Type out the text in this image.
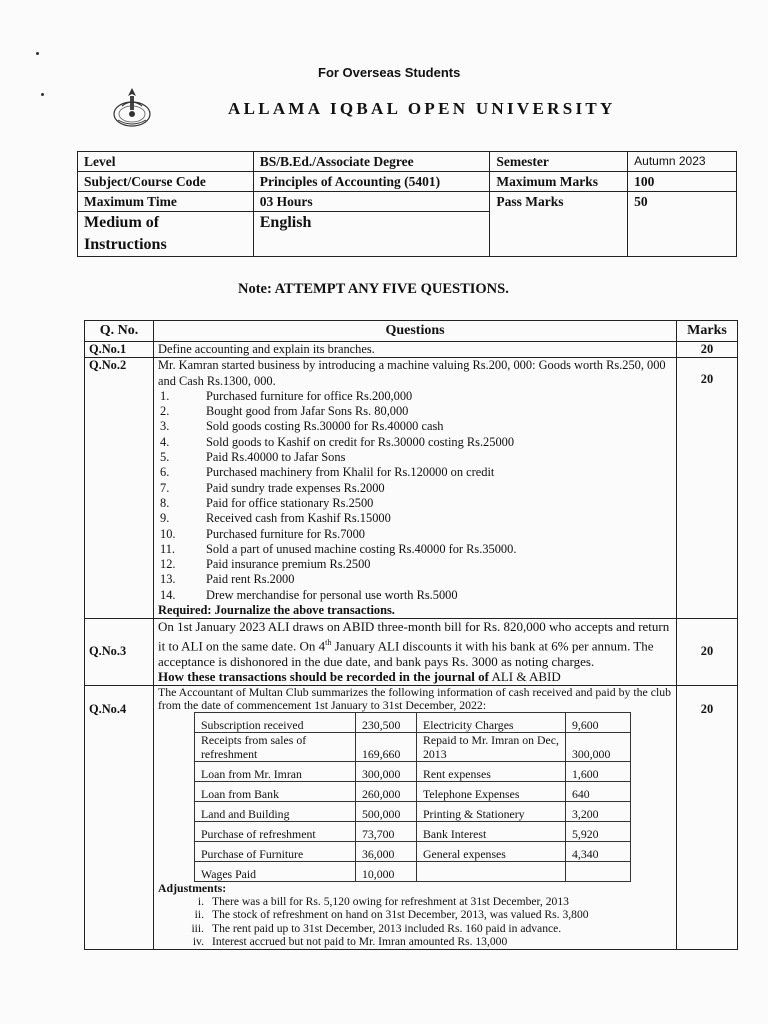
For Overseas Students
ALLAMA IQBAL OPEN UNIVERSITY
Level	BS/B.Ed./Associate Degree	Semester	Autumn 2023
Subject/Course Code	Principles of Accounting (5401)	Maximum Marks	100
Maximum Time	03 Hours	Pass Marks	50

Medium of
Instructions	English		
Note: ATTEMPT ANY FIVE QUESTIONS.
Q. No.	Questions	Marks
Q.No.1	Define accounting and explain its branches.	20
Q.No.2	Mr. Kamran started business by introducing a machine valuing Rs.200, 000: Goods worth Rs.250, 000 and Cash Rs.1300, 000.
1.	Purchased furniture for office Rs.200,000
2.	Bought good from Jafar Sons Rs. 80,000
3.	Sold goods costing Rs.30000 for Rs.40000 cash
4.	Sold goods to Kashif on credit for Rs.30000 costing Rs.25000
5.	Paid Rs.40000 to Jafar Sons
6.	Purchased machinery from Khalil for Rs.120000 on credit
7.	Paid sundry trade expenses Rs.2000
8.	Paid for office stationary Rs.2500
9.	Received cash from Kashif Rs.15000
10.	Purchased furniture for Rs.7000
11.	Sold a part of unused machine costing Rs.40000 for Rs.35000.
12.	Paid insurance premium Rs.2500
13.	Paid rent Rs.2000
14.	Drew merchandise for personal use worth Rs.5000
Required: Journalize the above transactions.
	20
Q.No.3	On 1st January 2023 ALI draws on ABID three-month bill for Rs. 820,000 who accepts and return it to ALI on the same date. On 4th January ALI discounts it with his bank at 6% per annum. The acceptance is dishonored in the due date, and bank pays Rs. 3000 as noting charges.
How these transactions should be recorded in the journal of ALI & ABID
	20
Q.No.4	
The Accountant of Multan Club summarizes the following information of cash received and paid by the club from the date of commencement 1st January to 31st December, 2022:
Subscription received	230,500	Electricity Charges	9,600
Receipts from sales of refreshment	169,660	Repaid to Mr. Imran on Dec, 2013	300,000
Loan from Mr. Imran	300,000	Rent expenses	1,600
Loan from Bank	260,000	Telephone Expenses	640
Land and Building	500,000	Printing & Stationery	3,200
Purchase of refreshment	73,700	Bank Interest	5,920
Purchase of Furniture	36,000	General expenses	4,340
Wages Paid	10,000		
Adjustments:
i. There was a bill for Rs. 5,120 owing for refreshment at 31st December, 2013
ii. The stock of refreshment on hand on 31st December, 2013, was valued Rs. 3,800
iii. The rent paid up to 31st December, 2013 included Rs. 160 paid in advance.
iv. Interest accrued but not paid to Mr. Imran amounted Rs. 13,000
	20
